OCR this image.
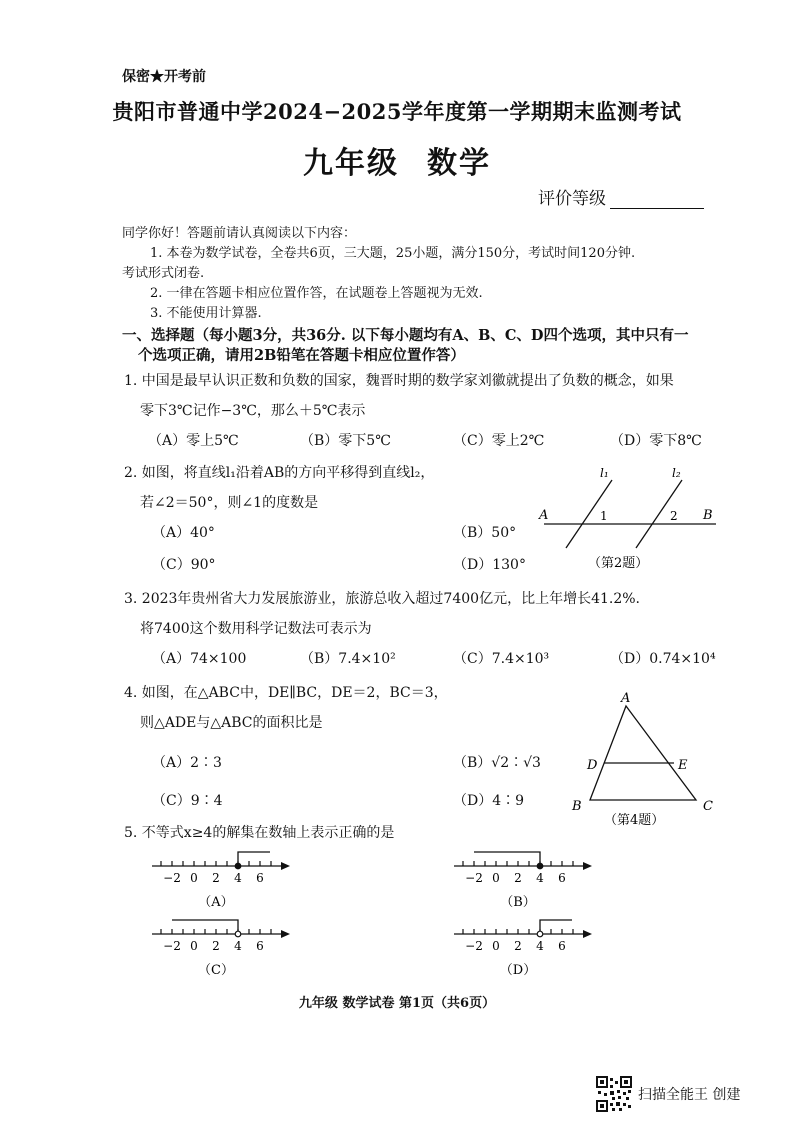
保密★开考前
贵阳市普通中学2024−2025学年度第一学期期末监测考试
九年级 数学
评价等级
同学你好！答题前请认真阅读以下内容：
1. 本卷为数学试卷，全卷共6页，三大题，25小题，满分150分，考试时间120分钟.
考试形式闭卷.
2. 一律在答题卡相应位置作答，在试题卷上答题视为无效.
3. 不能使用计算器.
一、选择题（每小题3分，共36分. 以下每小题均有A、B、C、D四个选项，其中只有一
个选项正确，请用2B铅笔在答题卡相应位置作答）
1. 中国是最早认识正数和负数的国家，魏晋时期的数学家刘徽就提出了负数的概念，如果
零下3℃记作−3℃，那么＋5℃表示
（A）零上5℃	（B）零下5℃	（C）零上2℃	（D）零下8℃
2. 如图，将直线l₁沿着AB的方向平移得到直线l₂，
若∠2＝50°，则∠1的度数是
（A）40°	（B）50°
（C）90°	（D）130°
A	B
l₁	l₂
1	2
（第2题）
3. 2023年贵州省大力发展旅游业，旅游总收入超过7400亿元，比上年增长41.2%.
将7400这个数用科学记数法可表示为
（A）74×100	（B）7.4×10²	（C）7.4×10³	（D）0.74×10⁴
4. 如图，在△ABC中，DE∥BC，DE＝2，BC＝3，
则△ADE与△ABC的面积比是
（A）2∶3	（B）√2∶√3
（C）9∶4	（D）4∶9
A
B	C
D	E
（第4题）
5. 不等式x≥4的解集在数轴上表示正确的是
−2 0 2 4 6
（A）
−2 0 2 4 6
（B）
−2 0 2 4 6
（C）
−2 0 2 4 6
（D）
九年级 数学试卷 第1页（共6页）
扫描全能王 创建
